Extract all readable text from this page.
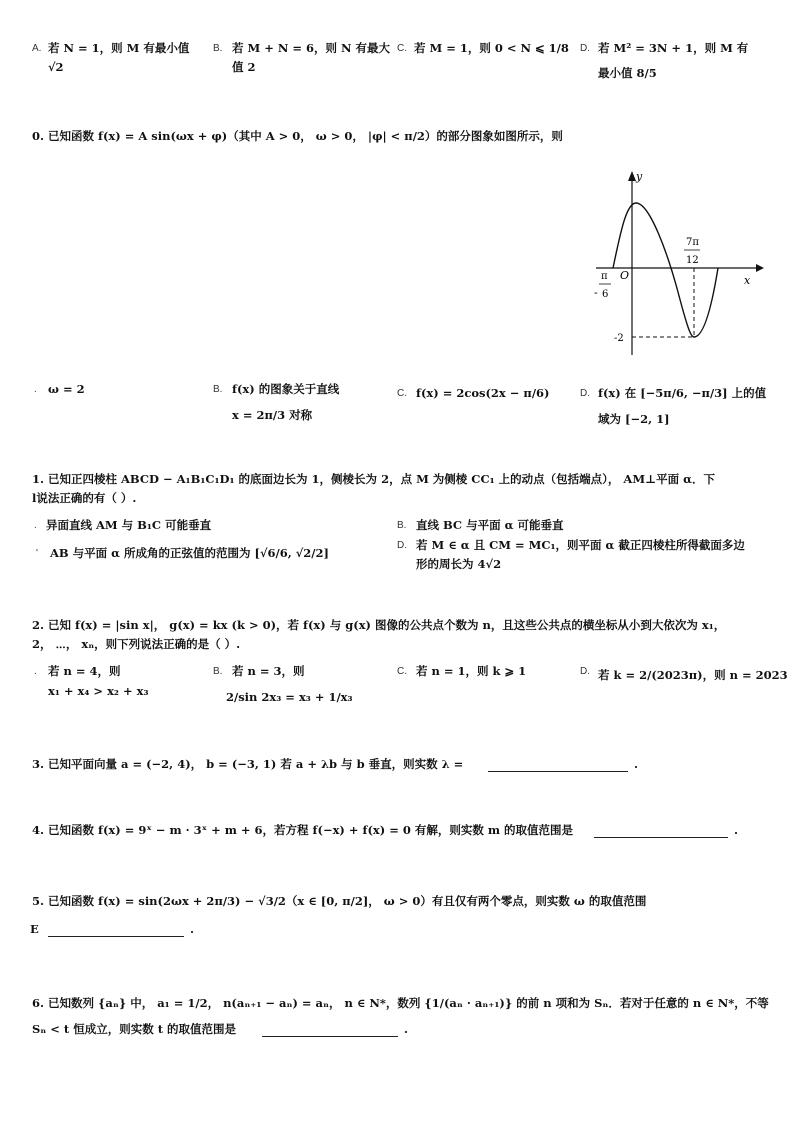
A. 若 N = 1，则 M 有最小值
√2
B. 若 M + N = 6，则 N 有最大
值 2
C. 若 M = 1，则 0 < N ⩽ 1/8 D. 若 M² = 3N + 1，则 M 有
最小值 8/5
0. 已知函数 f(x) = A sin(ωx + φ)（其中 A > 0， ω > 0， |φ| < π/2）的部分图象如图所示，则
y
x
O
-
π
6
7π
12
-2
. ω = 2	B. f(x) 的图象关于直线
x = 2π/3 对称
C. f(x) = 2cos(2x − π/6)	D. f(x) 在 [−5π/6, −π/3] 上的值
域为 [−2, 1]
1. 已知正四棱柱 ABCD − A₁B₁C₁D₁ 的底面边长为 1，侧棱长为 2，点 M 为侧棱 CC₁ 上的动点（包括端点）， AM⊥平面 α．下
l说法正确的有（ ）.
. 异面直线 AM 与 B₁C 可能垂直	B. 直线 BC 与平面 α 可能垂直
' AB 与平面 α 所成角的正弦值的范围为 [√6/6, √2/2]
D. 若 M ∈ α 且 CM = MC₁，则平面 α 截正四棱柱所得截面多边
形的周长为 4√2
2. 已知 f(x) = |sin x|， g(x) = kx (k > 0)，若 f(x) 与 g(x) 图像的公共点个数为 n，且这些公共点的横坐标从小到大依次为 x₁，
2， ⋯， xₙ，则下列说法正确的是（ ）.
. 若 n = 4，则
x₁ + x₄ > x₂ + x₃
B. 若 n = 3，则
2/sin 2x₃ = x₃ + 1/x₃
C. 若 n = 1，则 k ⩾ 1	D. 若 k = 2/(2023π)，则 n = 2023
3. 已知平面向量 a = (−2, 4)， b = (−3, 1) 若 a + λb 与 b 垂直，则实数 λ =	.
4. 已知函数 f(x) = 9ˣ − m · 3ˣ + m + 6，若方程 f(−x) + f(x) = 0 有解，则实数 m 的取值范围是	.
5. 已知函数 f(x) = sin(2ωx + 2π/3) − √3/2（x ∈ [0, π/2]， ω > 0）有且仅有两个零点，则实数 ω 的取值范围
E	.
6. 已知数列 {aₙ} 中， a₁ = 1/2， n(aₙ₊₁ − aₙ) = aₙ， n ∈ N*，数列 {1/(aₙ · aₙ₊₁)} 的前 n 项和为 Sₙ．若对于任意的 n ∈ N*，不等
Sₙ < t 恒成立，则实数 t 的取值范围是	.
